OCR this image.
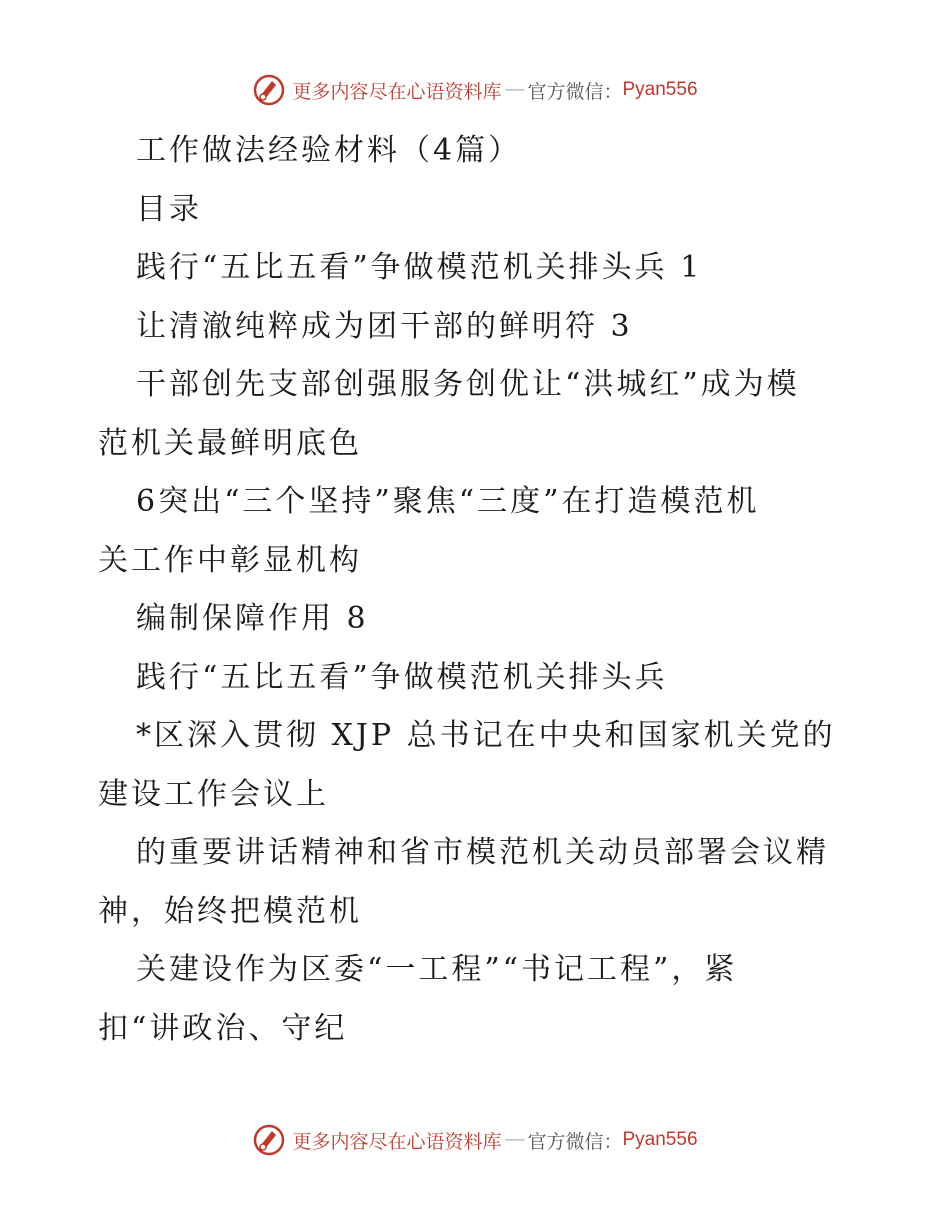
更多内容尽在心语资料库 — 官方微信： Pyan556
工作做法经验材料（4篇）
目录
践行“五比五看”争做模范机关排头兵 1
让清澈纯粹成为团干部的鲜明符 3
干部创先支部创强服务创优让“洪城红”成为模
范机关最鲜明底色
6突出“三个坚持”聚焦“三度”在打造模范机
关工作中彰显机构
编制保障作用 8
践行“五比五看”争做模范机关排头兵
*区深入贯彻 XJP 总书记在中央和国家机关党的
建设工作会议上
的重要讲话精神和省市模范机关动员部署会议精
神，始终把模范机
关建设作为区委“一工程”“书记工程”，紧
扣“讲政治、守纪
更多内容尽在心语资料库 — 官方微信： Pyan556
